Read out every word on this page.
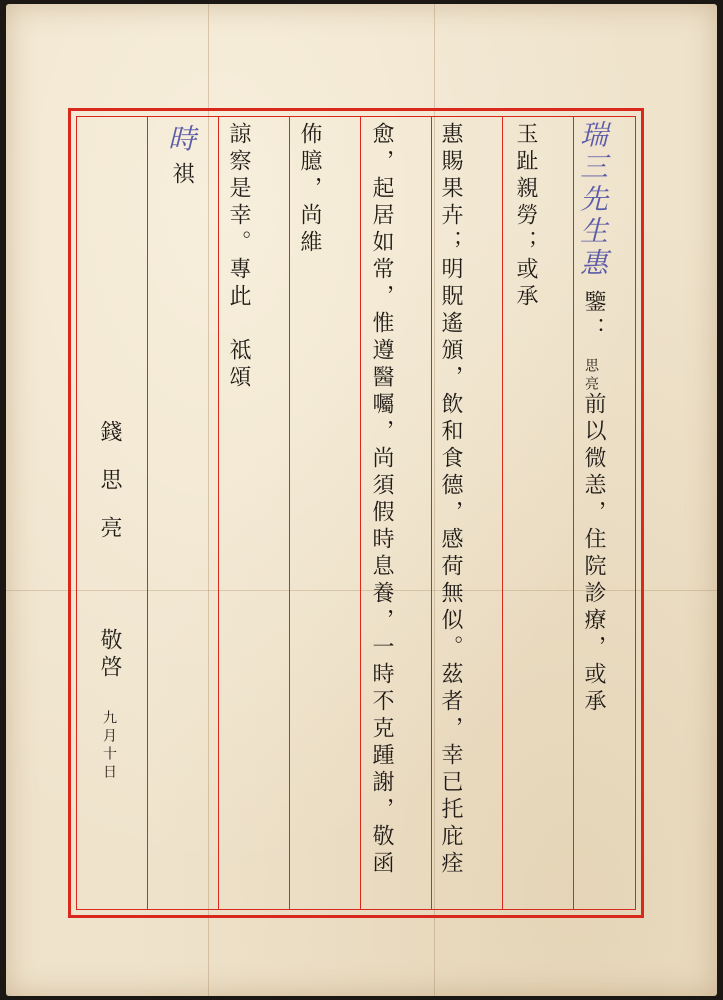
瑞三先生惠
鑒：
思亮
前以微恙，住院診療，或承
玉趾親勞；或承
惠賜果卉；明貺遙頒，飲和食德，感荷無似。茲者，幸已托庇痊
愈，起居如常，惟遵醫囑，尚須假時息養，一時不克踵謝，敬函
佈臆，尚維
諒察是幸。專此　祗頌
時
祺
錢思亮
敬啓
九月十日
